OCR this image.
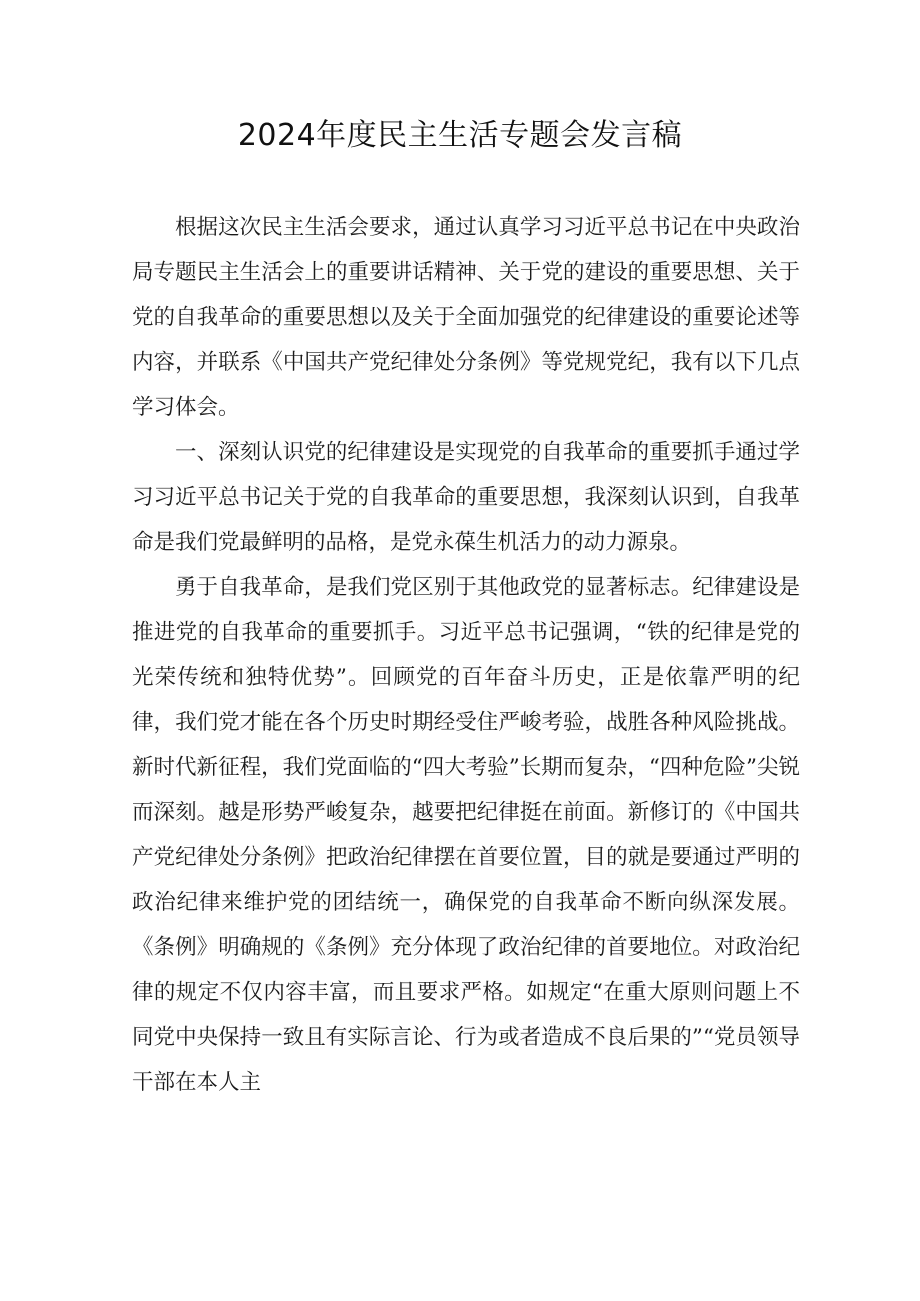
2024年度民主生活专题会发言稿

根据这次民主生活会要求，通过认真学习习近平总书记在中央政治局专题民主生活会上的重要讲话精神、关于党的建设的重要思想、关于党的自我革命的重要思想以及关于全面加强党的纪律建设的重要论述等内容，并联系《中国共产党纪律处分条例》等党规党纪，我有以下几点学习体会。

一、深刻认识党的纪律建设是实现党的自我革命的重要抓手通过学习习近平总书记关于党的自我革命的重要思想，我深刻认识到，自我革命是我们党最鲜明的品格，是党永葆生机活力的动力源泉。

勇于自我革命，是我们党区别于其他政党的显著标志。纪律建设是推进党的自我革命的重要抓手。习近平总书记强调，“铁的纪律是党的光荣传统和独特优势”。回顾党的百年奋斗历史，正是依靠严明的纪律，我们党才能在各个历史时期经受住严峻考验，战胜各种风险挑战。新时代新征程，我们党面临的“四大考验”长期而复杂，“四种危险”尖锐而深刻。越是形势严峻复杂，越要把纪律挺在前面。新修订的《中国共产党纪律处分条例》把政治纪律摆在首要位置，目的就是要通过严明的政治纪律来维护党的团结统一，确保党的自我革命不断向纵深发展。《条例》明确规的《条例》充分体现了政治纪律的首要地位。对政治纪律的规定不仅内容丰富，而且要求严格。如规定“在重大原则问题上不同党中央保持一致且有实际言论、行为或者造成不良后果的”“党员领导干部在本人主
